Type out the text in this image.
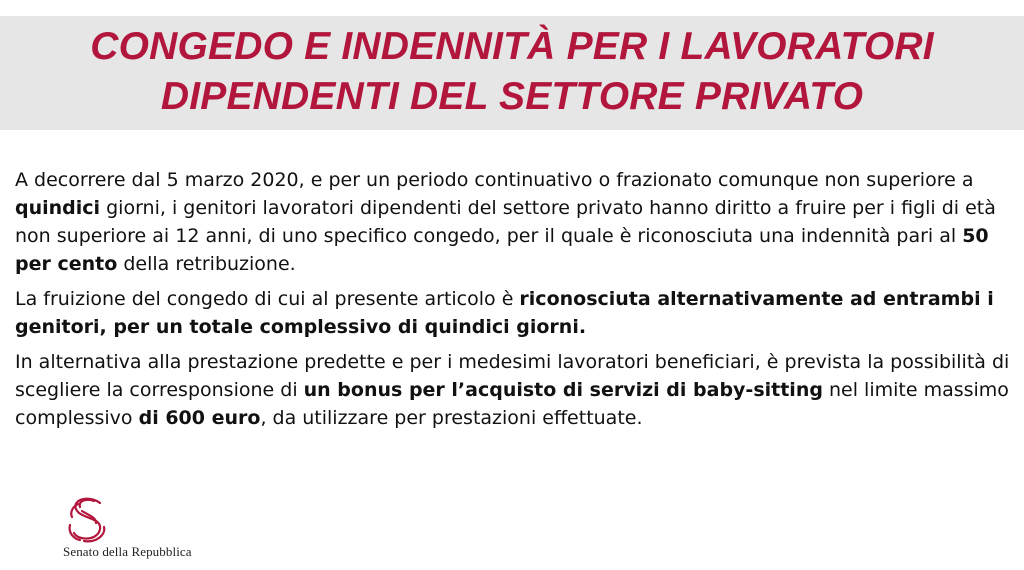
CONGEDO E INDENNITÀ PER I LAVORATORI
DIPENDENTI DEL SETTORE PRIVATO

A decorrere dal 5 marzo 2020, e per un periodo continuativo o frazionato comunque non superiore a quindici giorni, i genitori lavoratori dipendenti del settore privato hanno diritto a fruire per i figli di età non superiore ai 12 anni, di uno specifico congedo, per il quale è riconosciuta una indennità pari al 50 per cento della retribuzione.

La fruizione del congedo di cui al presente articolo è riconosciuta alternativamente ad entrambi i genitori, per un totale complessivo di quindici giorni.

In alternativa alla prestazione predette e per i medesimi lavoratori beneficiari, è prevista la possibilità di scegliere la corresponsione di un bonus per l’acquisto di servizi di baby-sitting nel limite massimo complessivo di 600 euro, da utilizzare per prestazioni effettuate.

Senato della Repubblica
